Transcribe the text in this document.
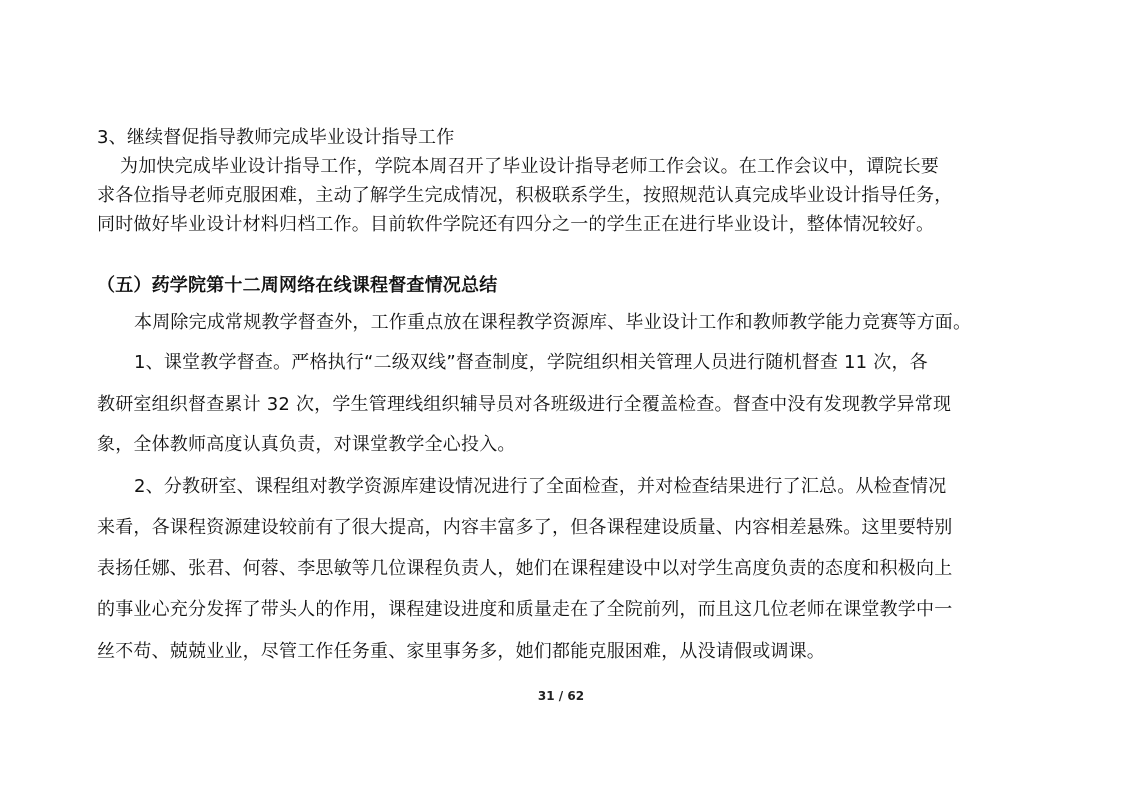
3、继续督促指导教师完成毕业设计指导工作
为加快完成毕业设计指导工作，学院本周召开了毕业设计指导老师工作会议。在工作会议中，谭院长要
求各位指导老师克服困难，主动了解学生完成情况，积极联系学生，按照规范认真完成毕业设计指导任务，
同时做好毕业设计材料归档工作。目前软件学院还有四分之一的学生正在进行毕业设计，整体情况较好。
（五）药学院第十二周网络在线课程督查情况总结
本周除完成常规教学督查外，工作重点放在课程教学资源库、毕业设计工作和教师教学能力竞赛等方面。
1、课堂教学督查。严格执行“二级双线”督查制度，学院组织相关管理人员进行随机督查 11 次，各
教研室组织督查累计 32 次，学生管理线组织辅导员对各班级进行全覆盖检查。督查中没有发现教学异常现
象，全体教师高度认真负责，对课堂教学全心投入。
2、分教研室、课程组对教学资源库建设情况进行了全面检查，并对检查结果进行了汇总。从检查情况
来看，各课程资源建设较前有了很大提高，内容丰富多了，但各课程建设质量、内容相差悬殊。这里要特别
表扬任娜、张君、何蓉、李思敏等几位课程负责人，她们在课程建设中以对学生高度负责的态度和积极向上
的事业心充分发挥了带头人的作用，课程建设进度和质量走在了全院前列，而且这几位老师在课堂教学中一
丝不苟、兢兢业业，尽管工作任务重、家里事务多，她们都能克服困难，从没请假或调课。
31 / 62
